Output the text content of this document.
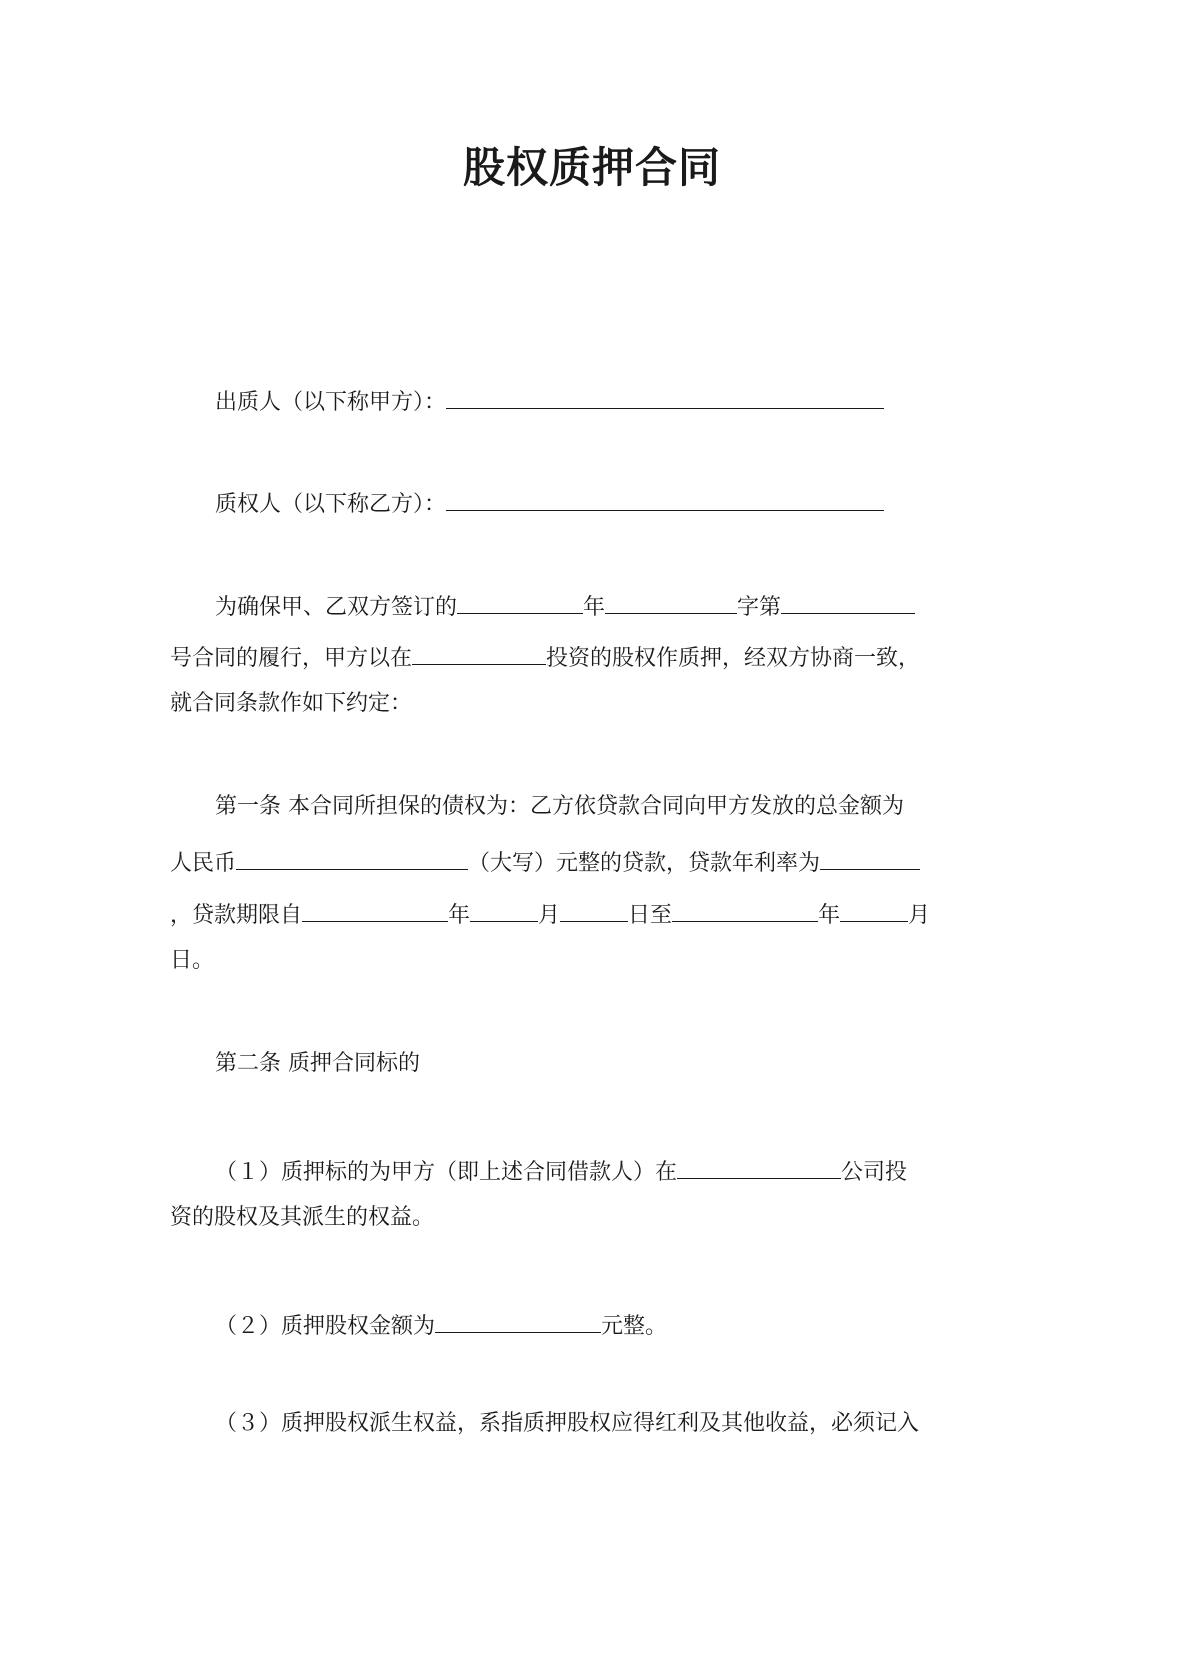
股权质押合同
出质人（以下称甲方）：
质权人（以下称乙方）：
为确保甲、乙双方签订的	年	字第
号合同的履行，甲方以在	投资的股权作质押，经双方协商一致，
就合同条款作如下约定：
第一条 本合同所担保的债权为：乙方依贷款合同向甲方发放的总金额为
人民币	（大写）元整的贷款，贷款年利率为
，贷款期限自	年	月	日至	年	月
日。
第二条 质押合同标的
（１）质押标的为甲方（即上述合同借款人）在	公司投
资的股权及其派生的权益。
（２）质押股权金额为	元整。
（３）质押股权派生权益，系指质押股权应得红利及其他收益，必须记入
